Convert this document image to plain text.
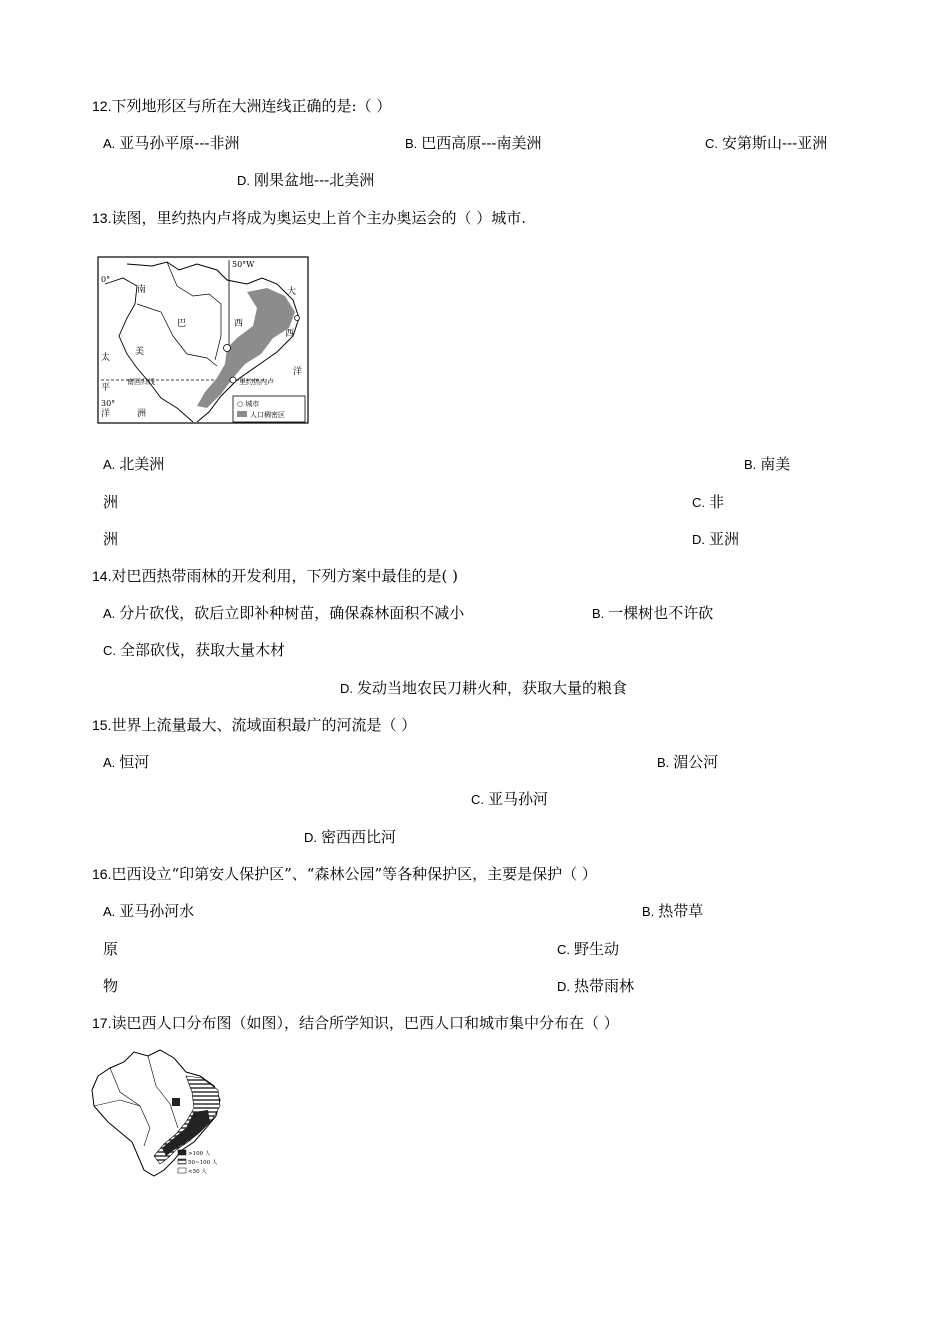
12.下列地形区与所在大洲连线正确的是:（ ）
A. 亚马孙平原---非洲	B. 巴西高原---南美洲	C. 安第斯山---亚洲
D. 刚果盆地---北美洲
13.读图，里约热内卢将成为奥运史上首个主办奥运会的（ ）城市.
50°W
0°
南回归线
30°
里约热内卢
南
巴	西
美
洲
大
西
洋
太
平
洋
○ 城市
人口稠密区
A. 北美洲	B. 南美
洲	C. 非
洲	D. 亚洲
14.对巴西热带雨林的开发利用，下列方案中最佳的是( )
A. 分片砍伐，砍后立即补种树苗，确保森林面积不减小	B. 一棵树也不许砍
C. 全部砍伐，获取大量木材
D. 发动当地农民刀耕火种，获取大量的粮食
15.世界上流量最大、流域面积最广的河流是（ ）
A. 恒河	B. 湄公河
C. 亚马孙河
D. 密西西比河
16.巴西设立“印第安人保护区”、“森林公园”等各种保护区，主要是保护（ ）
A. 亚马孙河水	B. 热带草
原	C. 野生动
物	D. 热带雨林
17.读巴西人口分布图（如图），结合所学知识，巴西人口和城市集中分布在（ ）
>100 人
50~100 人
<50 人
